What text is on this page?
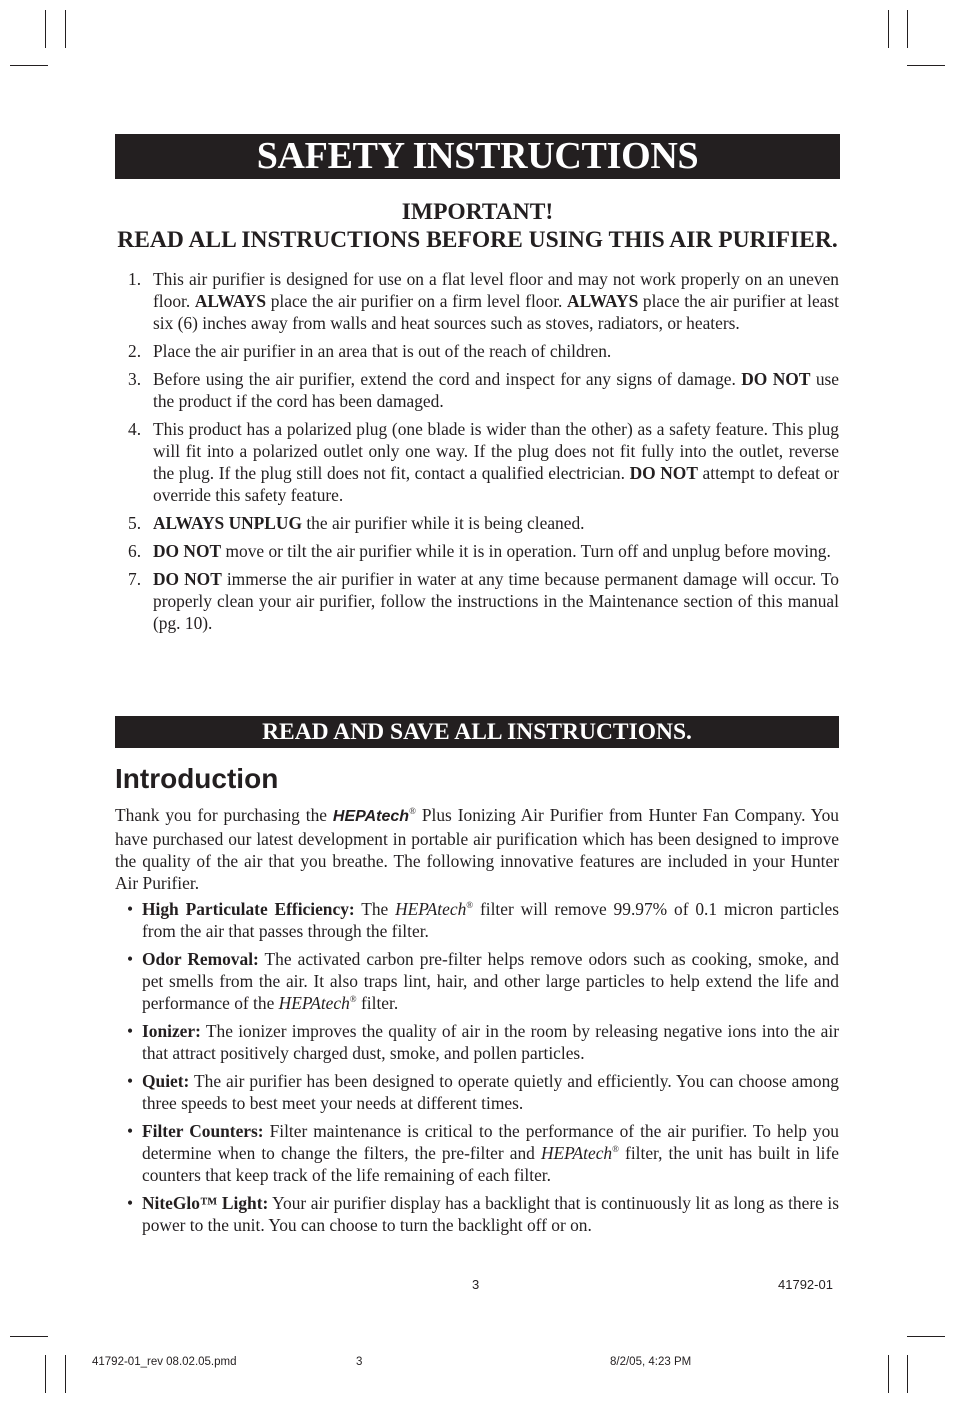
SAFETY INSTRUCTIONS
IMPORTANT!
READ ALL INSTRUCTIONS BEFORE USING THIS AIR PURIFIER.
1. This air purifier is designed for use on a flat level floor and may not work properly on an uneven floor. ALWAYS place the air purifier on a firm level floor. ALWAYS place the air purifier at least six (6) inches away from walls and heat sources such as stoves, radiators, or heaters.
2. Place the air purifier in an area that is out of the reach of children.
3. Before using the air purifier, extend the cord and inspect for any signs of damage. DO NOT use the product if the cord has been damaged.
4. This product has a polarized plug (one blade is wider than the other) as a safety feature. This plug will fit into a polarized outlet only one way. If the plug does not fit fully into the outlet, reverse the plug. If the plug still does not fit, contact a qualified electrician. DO NOT attempt to defeat or override this safety feature.
5. ALWAYS UNPLUG the air purifier while it is being cleaned.
6. DO NOT move or tilt the air purifier while it is in operation. Turn off and unplug before moving.
7. DO NOT immerse the air purifier in water at any time because permanent damage will occur. To properly clean your air purifier, follow the instructions in the Maintenance section of this manual (pg. 10).
READ AND SAVE ALL INSTRUCTIONS.
Introduction

Thank you for purchasing the HEPAtech® Plus Ionizing Air Purifier from Hunter Fan Company. You have purchased our latest development in portable air purification which has been designed to improve the quality of the air that you breathe. The following innovative features are included in your Hunter Air Purifier.

• High Particulate Efficiency: The HEPAtech® filter will remove 99.97% of 0.1 micron particles from the air that passes through the filter.
• Odor Removal: The activated carbon pre-filter helps remove odors such as cooking, smoke, and pet smells from the air. It also traps lint, hair, and other large particles to help extend the life and performance of the HEPAtech® filter.
• Ionizer: The ionizer improves the quality of air in the room by releasing negative ions into the air that attract positively charged dust, smoke, and pollen particles.
• Quiet: The air purifier has been designed to operate quietly and efficiently. You can choose among three speeds to best meet your needs at different times.
• Filter Counters: Filter maintenance is critical to the performance of the air purifier. To help you determine when to change the filters, the pre-filter and HEPAtech® filter, the unit has built in life counters that keep track of the life remaining of each filter.
• NiteGlo™ Light: Your air purifier display has a backlight that is continuously lit as long as there is power to the unit. You can choose to turn the backlight off or on.
3	41792-01
41792-01_rev 08.02.05.pmd	3	8/2/05, 4:23 PM
